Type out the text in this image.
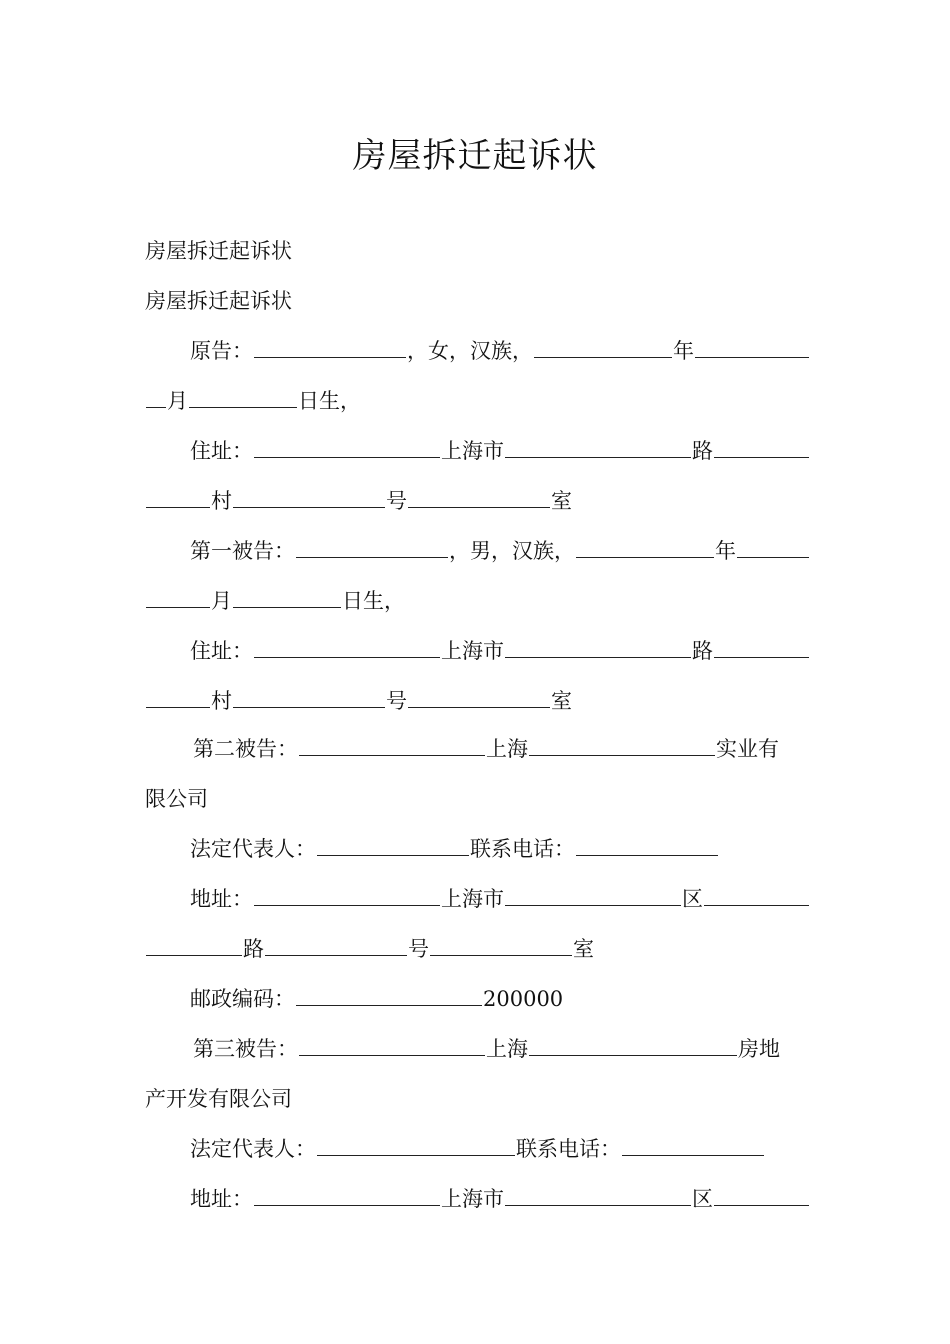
房屋拆迁起诉状
房屋拆迁起诉状
房屋拆迁起诉状
原告：	，女，汉族，	年
月	日生，
住址：	上海市	路
村	号	室
第一被告：	，男，汉族，	年
月	日生，
住址：	上海市	路
村	号	室
第二被告：	上海	实业有
限公司
法定代表人：	联系电话：
地址：	上海市	区
路	号	室
邮政编码：	200000
第三被告：	上海	房地
产开发有限公司
法定代表人：	联系电话：
地址：	上海市	区
